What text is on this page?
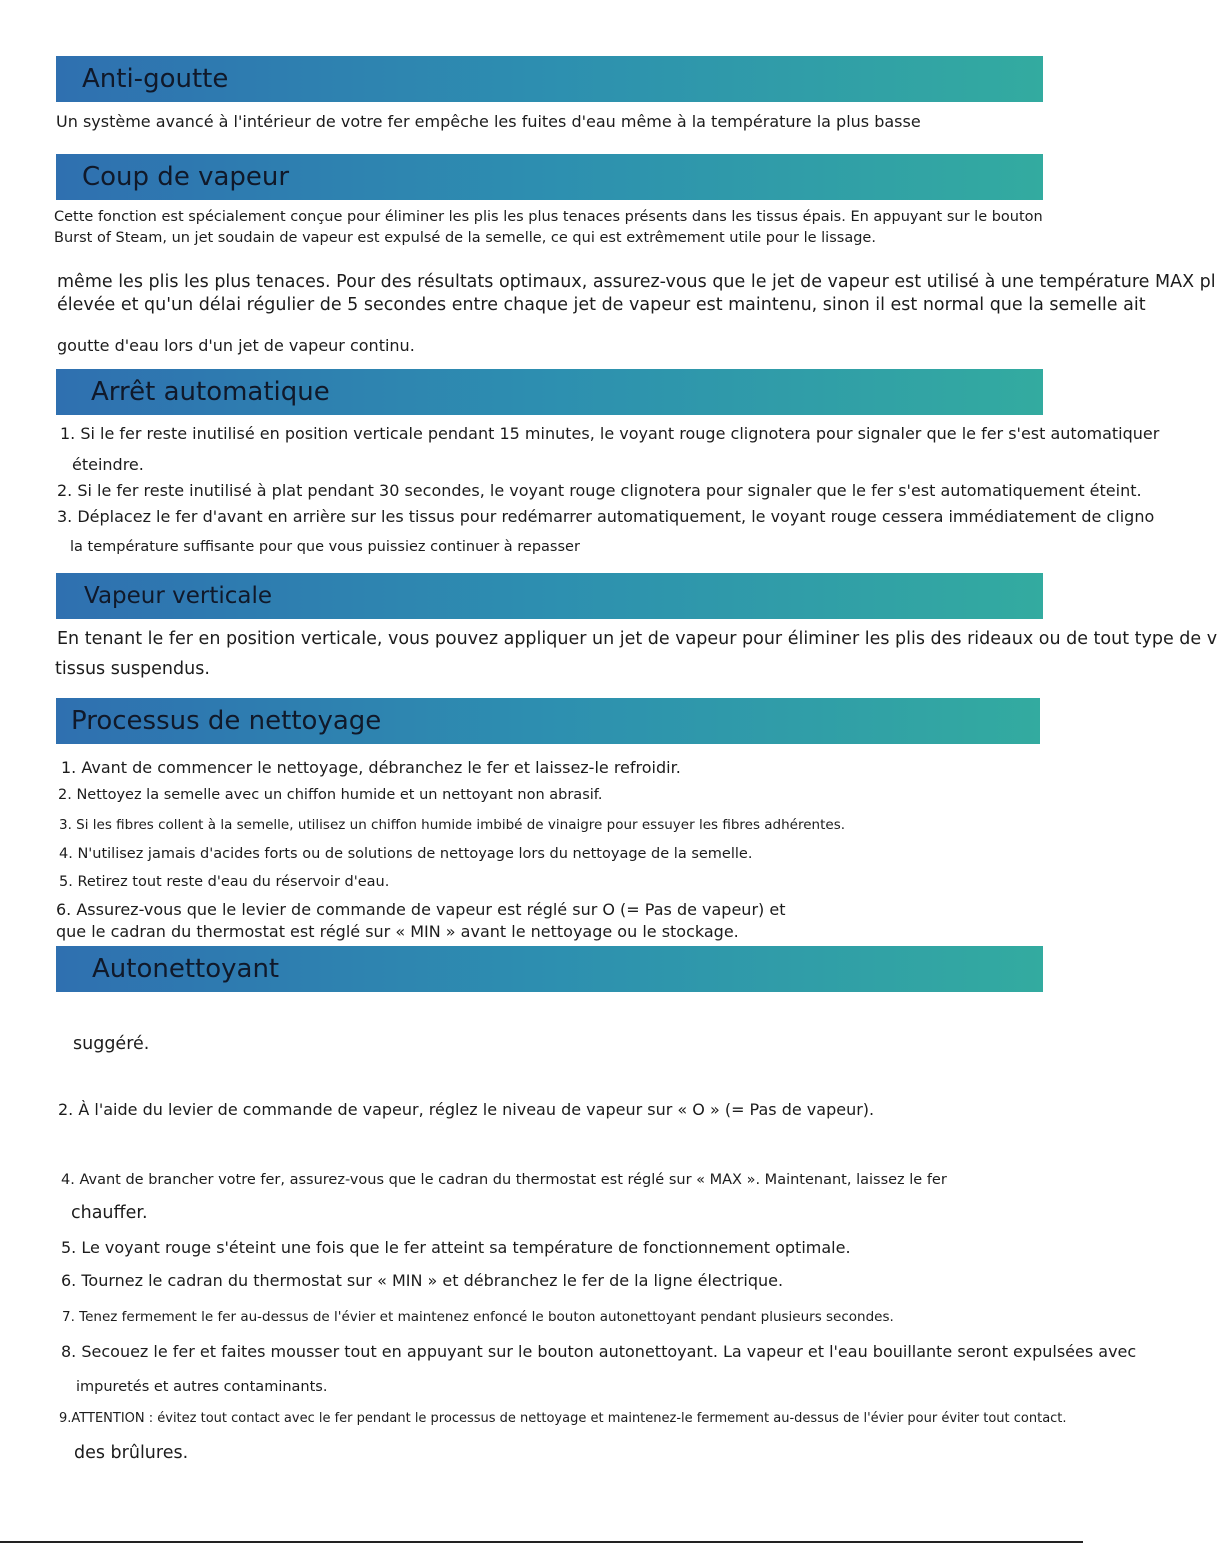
Anti-goutte

Un système avancé à l'intérieur de votre fer empêche les fuites d'eau même à la température la plus basse

Coup de vapeur

Cette fonction est spécialement conçue pour éliminer les plis les plus tenaces présents dans les tissus épais. En appuyant sur le bouton

Burst of Steam, un jet soudain de vapeur est expulsé de la semelle, ce qui est extrêmement utile pour le lissage.

même les plis les plus tenaces. Pour des résultats optimaux, assurez-vous que le jet de vapeur est utilisé à une température MAX pl

élevée et qu'un délai régulier de 5 secondes entre chaque jet de vapeur est maintenu, sinon il est normal que la semelle ait

goutte d'eau lors d'un jet de vapeur continu.

Arrêt automatique

1. Si le fer reste inutilisé en position verticale pendant 15 minutes, le voyant rouge clignotera pour signaler que le fer s'est automatiquer

éteindre.

2. Si le fer reste inutilisé à plat pendant 30 secondes, le voyant rouge clignotera pour signaler que le fer s'est automatiquement éteint.

3. Déplacez le fer d'avant en arrière sur les tissus pour redémarrer automatiquement, le voyant rouge cessera immédiatement de cligno

la température suffisante pour que vous puissiez continuer à repasser

Vapeur verticale

En tenant le fer en position verticale, vous pouvez appliquer un jet de vapeur pour éliminer les plis des rideaux ou de tout type de v

tissus suspendus.

Processus de nettoyage

1. Avant de commencer le nettoyage, débranchez le fer et laissez-le refroidir.

2. Nettoyez la semelle avec un chiffon humide et un nettoyant non abrasif.

3. Si les fibres collent à la semelle, utilisez un chiffon humide imbibé de vinaigre pour essuyer les fibres adhérentes.

4. N'utilisez jamais d'acides forts ou de solutions de nettoyage lors du nettoyage de la semelle.

5. Retirez tout reste d'eau du réservoir d'eau.

6. Assurez-vous que le levier de commande de vapeur est réglé sur O (= Pas de vapeur) et

que le cadran du thermostat est réglé sur « MIN » avant le nettoyage ou le stockage.

Autonettoyant

suggéré.

2. À l'aide du levier de commande de vapeur, réglez le niveau de vapeur sur « O » (= Pas de vapeur).

4. Avant de brancher votre fer, assurez-vous que le cadran du thermostat est réglé sur « MAX ». Maintenant, laissez le fer

chauffer.

5. Le voyant rouge s'éteint une fois que le fer atteint sa température de fonctionnement optimale.

6. Tournez le cadran du thermostat sur « MIN » et débranchez le fer de la ligne électrique.

7. Tenez fermement le fer au-dessus de l'évier et maintenez enfoncé le bouton autonettoyant pendant plusieurs secondes.

8. Secouez le fer et faites mousser tout en appuyant sur le bouton autonettoyant. La vapeur et l'eau bouillante seront expulsées avec

impuretés et autres contaminants.

9.ATTENTION : évitez tout contact avec le fer pendant le processus de nettoyage et maintenez-le fermement au-dessus de l'évier pour éviter tout contact.

des brûlures.
